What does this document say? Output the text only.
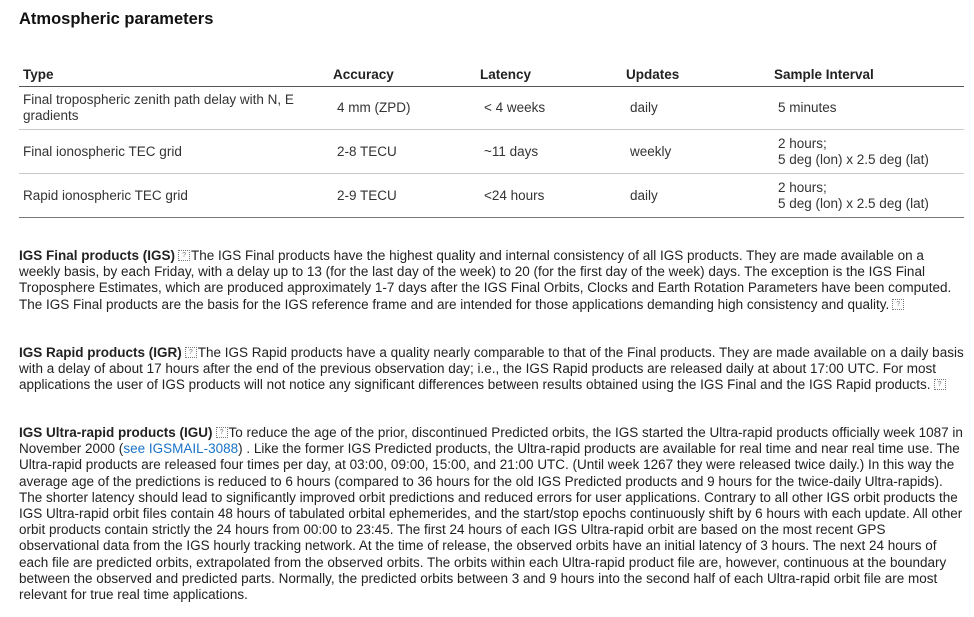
Atmospheric parameters
Type	Accuracy	Latency	Updates	Sample Interval
Final tropospheric zenith path delay with N, E gradients	4 mm (ZPD)	< 4 weeks	daily	5 minutes

Final ionospheric TEC grid	2-8 TECU	~11 days	weekly	2 hours;
5 deg (lon) x 2.5 deg (lat)

Rapid ionospheric TEC grid	2-9 TECU	<24 hours	daily	2 hours;
5 deg (lon) x 2.5 deg (lat)

IGS Final products (IGS) ? The IGS Final products have the highest quality and internal consistency of all IGS products. They are made available on a weekly basis, by each Friday, with a delay up to 13 (for the last day of the week) to 20 (for the first day of the week) days. The exception is the IGS Final Troposphere Estimates, which are produced approximately 1-7 days after the IGS Final Orbits, Clocks and Earth Rotation Parameters have been computed. The IGS Final products are the basis for the IGS reference frame and are intended for those applications demanding high consistency and quality. ?

IGS Rapid products (IGR) ? The IGS Rapid products have a quality nearly comparable to that of the Final products. They are made available on a daily basis with a delay of about 17 hours after the end of the previous observation day; i.e., the IGS Rapid products are released daily at about 17:00 UTC. For most applications the user of IGS products will not notice any significant differences between results obtained using the IGS Final and the IGS Rapid products. ?

IGS Ultra-rapid products (IGU) ? To reduce the age of the prior, discontinued Predicted orbits, the IGS started the Ultra-rapid products officially week 1087 in November 2000 (see IGSMAIL-3088) . Like the former IGS Predicted products, the Ultra-rapid products are available for real time and near real time use. The Ultra-rapid products are released four times per day, at 03:00, 09:00, 15:00, and 21:00 UTC. (Until week 1267 they were released twice daily.) In this way the average age of the predictions is reduced to 6 hours (compared to 36 hours for the old IGS Predicted products and 9 hours for the twice-daily Ultra-rapids). The shorter latency should lead to significantly improved orbit predictions and reduced errors for user applications. Contrary to all other IGS orbit products the IGS Ultra-rapid orbit files contain 48 hours of tabulated orbital ephemerides, and the start/stop epochs continuously shift by 6 hours with each update. All other orbit products contain strictly the 24 hours from 00:00 to 23:45. The first 24 hours of each IGS Ultra-rapid orbit are based on the most recent GPS observational data from the IGS hourly tracking network. At the time of release, the observed orbits have an initial latency of 3 hours. The next 24 hours of each file are predicted orbits, extrapolated from the observed orbits. The orbits within each Ultra-rapid product file are, however, continuous at the boundary between the observed and predicted parts. Normally, the predicted orbits between 3 and 9 hours into the second half of each Ultra-rapid orbit file are most relevant for true real time applications.
